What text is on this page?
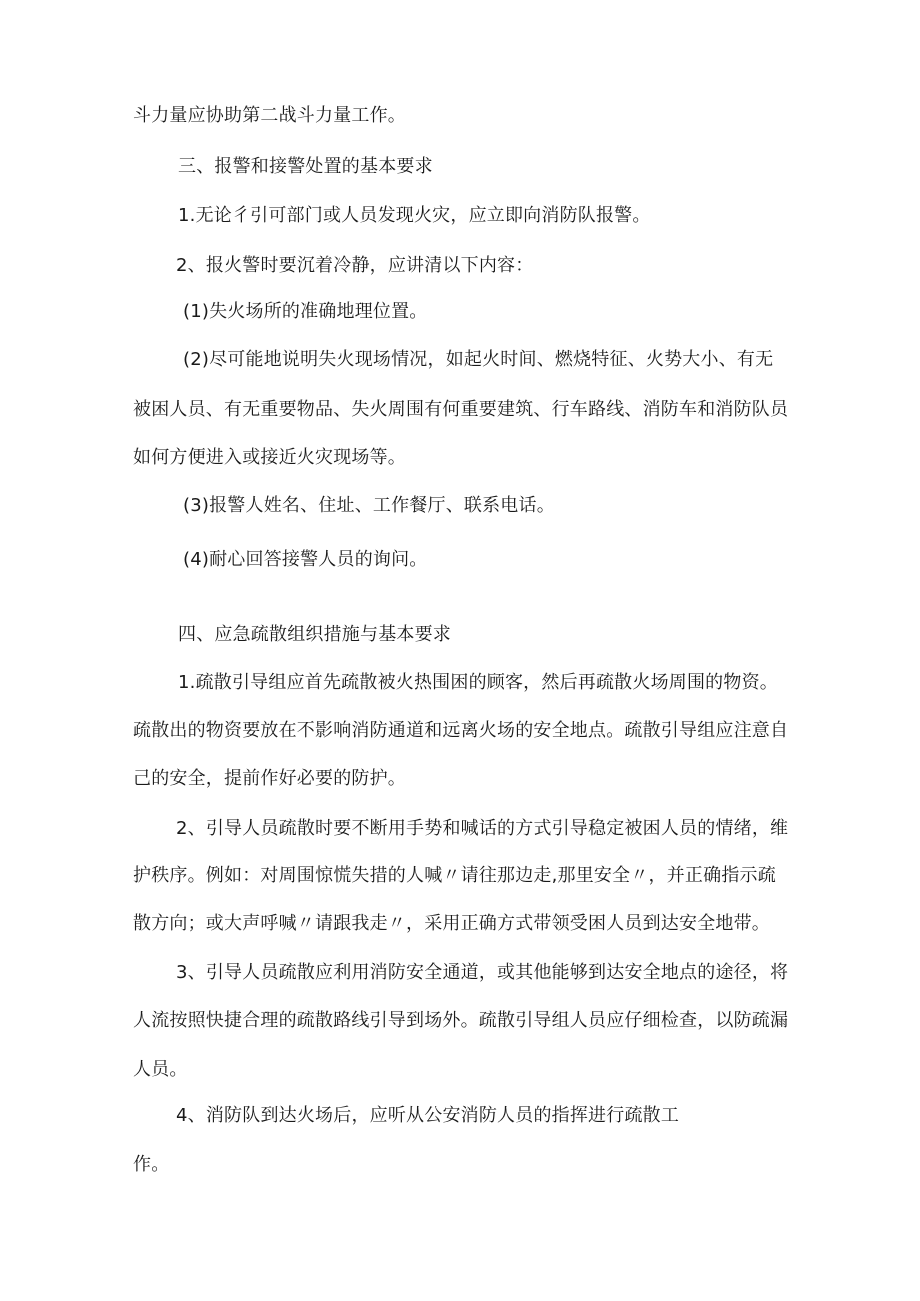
斗力量应协助第二战斗力量工作。
三、报警和接警处置的基本要求
1.无论彳引可部门或人员发现火灾，应立即向消防队报警。
2、报火警时要沉着冷静，应讲清以下内容：
(1)失火场所的准确地理位置。
(2)尽可能地说明失火现场情况，如起火时间、燃烧特征、火势大小、有无
被困人员、有无重要物品、失火周围有何重要建筑、行车路线、消防车和消防队员
如何方便进入或接近火灾现场等。
(3)报警人姓名、住址、工作餐厅、联系电话。
(4)耐心回答接警人员的询问。
四、应急疏散组织措施与基本要求
1.疏散引导组应首先疏散被火热围困的顾客，然后再疏散火场周围的物资。
疏散出的物资要放在不影响消防通道和远离火场的安全地点。疏散引导组应注意自
己的安全，提前作好必要的防护。
2、引导人员疏散时要不断用手势和喊话的方式引导稳定被困人员的情绪，维
护秩序。例如：对周围惊慌失措的人喊〃请往那边走,那里安全〃，并正确指示疏
散方向；或大声呼喊〃请跟我走〃，采用正确方式带领受困人员到达安全地带。
3、引导人员疏散应利用消防安全通道，或其他能够到达安全地点的途径，将
人流按照快捷合理的疏散路线引导到场外。疏散引导组人员应仔细检查，以防疏漏
人员。
4、消防队到达火场后，应听从公安消防人员的指挥进行疏散工
作。
